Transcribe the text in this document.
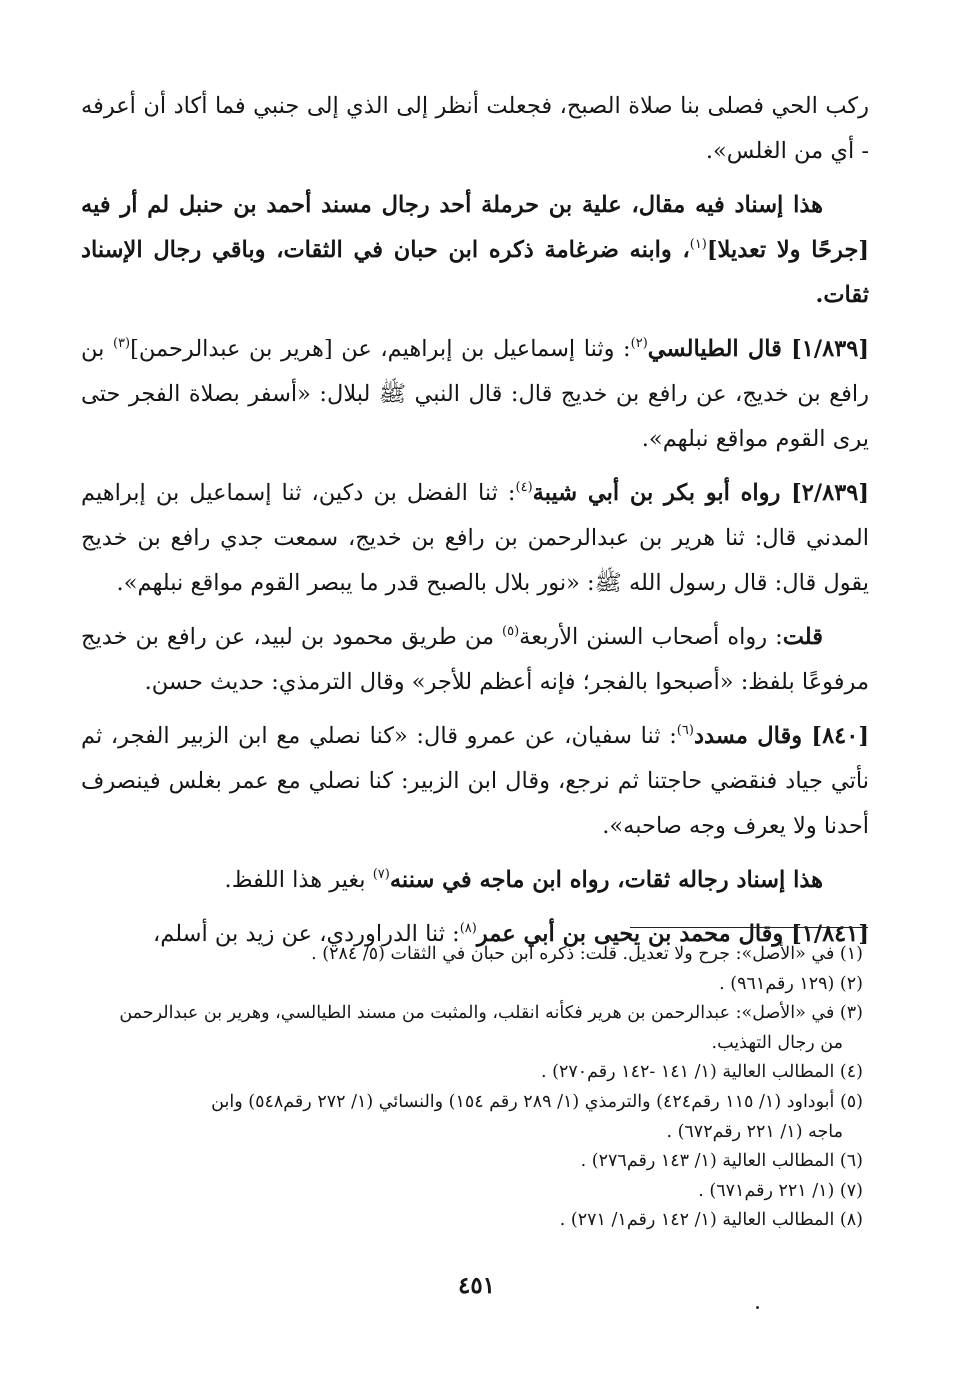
ركب الحي فصلى بنا صلاة الصبح، فجعلت أنظر إلى الذي إلى جنبي فما أكاد أن أعرفه - أي من الغلس».

هذا إسناد فيه مقال، علية بن حرملة أحد رجال مسند أحمد بن حنبل لم أر فيه [جرحًا ولا تعديلا]$^{(١)}$، وابنه ضرغامة ذكره ابن حبان في الثقات، وباقي رجال الإسناد ثقات.

[١/٨٣٩] قال الطيالسي$^{(٢)}$: وثنا إسماعيل بن إبراهيم، عن [هرير بن عبدالرحمن]$^{(٣)}$ بن رافع بن خديج، عن رافع بن خديج قال: قال النبي ﷺ لبلال: «أسفر بصلاة الفجر حتى يرى القوم مواقع نبلهم».

[٢/٨٣٩] رواه أبو بكر بن أبي شيبة$^{(٤)}$: ثنا الفضل بن دكين، ثنا إسماعيل بن إبراهيم المدني قال: ثنا هرير بن عبدالرحمن بن رافع بن خديج، سمعت جدي رافع بن خديج يقول قال: قال رسول الله ﷺ: «نور بلال بالصبح قدر ما يبصر القوم مواقع نبلهم».

قلت: رواه أصحاب السنن الأربعة$^{(٥)}$ من طريق محمود بن لبيد، عن رافع بن خديج مرفوعًا بلفظ: «أصبحوا بالفجر؛ فإنه أعظم للأجر» وقال الترمذي: حديث حسن.

[٨٤٠] وقال مسدد$^{(٦)}$: ثنا سفيان، عن عمرو قال: «كنا نصلي مع ابن الزبير الفجر، ثم نأتي جياد فنقضي حاجتنا ثم نرجع، وقال ابن الزبير: كنا نصلي مع عمر بغلس فينصرف أحدنا ولا يعرف وجه صاحبه».

هذا إسناد رجاله ثقات، رواه ابن ماجه في سننه$^{(٧)}$ بغير هذا اللفظ.

[١/٨٤١] وقال محمد بن يحيى بن أبي عمر$^{(٨)}$: ثنا الدراوردي، عن زيد بن أسلم،

(١) في «الأصل»: جرح ولا تعديل. قلت: ذكره ابن حبان في الثقات (٥/ ٢٨٤) .

(٢) (١٢٩ رقم٩٦١) .

(٣) في «الأصل»: عبدالرحمن بن هرير فكأنه انقلب، والمثبت من مسند الطيالسي، وهرير بن عبدالرحمن
من رجال التهذيب.

(٤) المطالب العالية (١/ ١٤١ -١٤٢ رقم٢٧٠) .

(٥) أبوداود (١/ ١١٥ رقم٤٢٤) والترمذي (١/ ٢٨٩ رقم ١٥٤) والنسائي (١/ ٢٧٢ رقم٥٤٨) وابن
ماجه (١/ ٢٢١ رقم٦٧٢) .

(٦) المطالب العالية (١/ ١٤٣ رقم٢٧٦) .

(٧) (١/ ٢٢١ رقم٦٧١) .

(٨) المطالب العالية (١/ ١٤٢ رقم١/ ٢٧١) .

٤٥١
